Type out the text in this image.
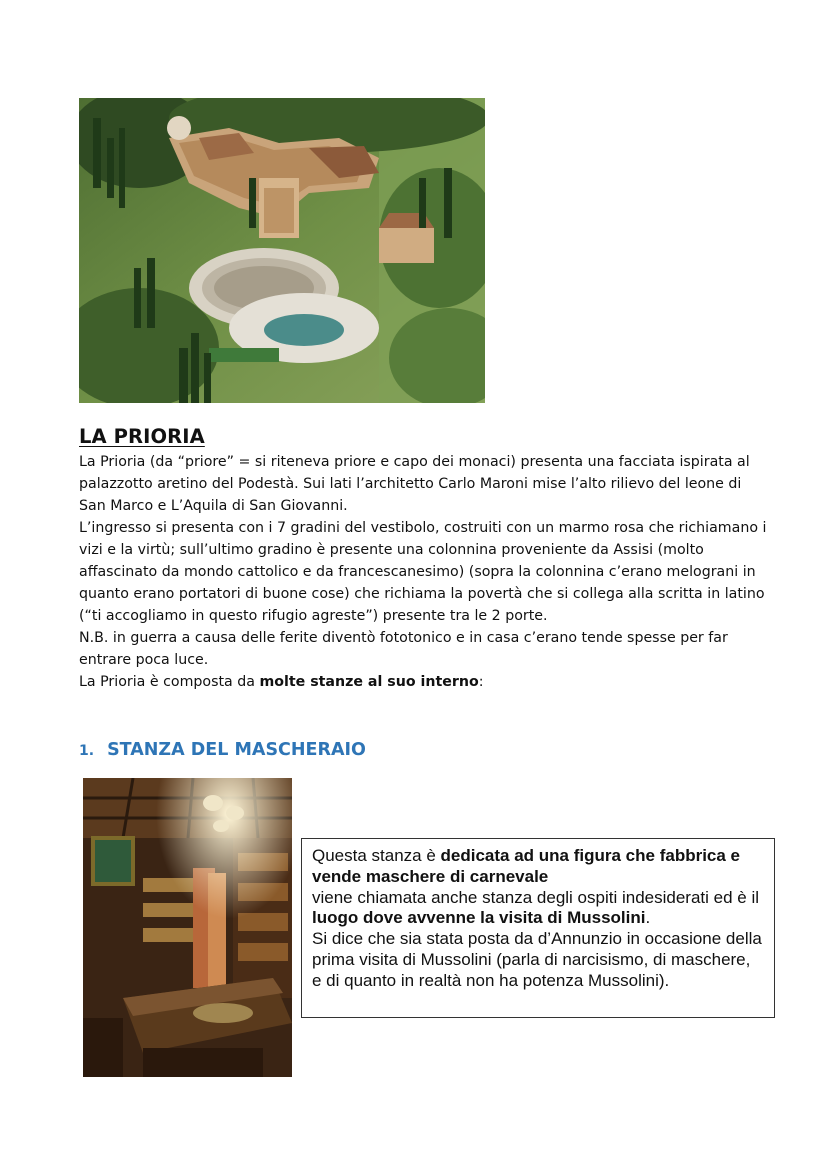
LA PRIORIA

La Prioria (da “priore” = si riteneva priore e capo dei monaci) presenta una facciata ispirata al palazzotto aretino del Podestà. Sui lati l’architetto Carlo Maroni mise l’alto rilievo del leone di San Marco e L’Aquila di San Giovanni.

L’ingresso si presenta con i 7 gradini del vestibolo, costruiti con un marmo rosa che richiamano i vizi e la virtù; sull’ultimo gradino è presente una colonnina proveniente da Assisi (molto affascinato da mondo cattolico e da francescanesimo) (sopra la colonnina c’erano melograni in quanto erano portatori di buone cose) che richiama la povertà che si collega alla scritta in latino (“ti accogliamo in questo rifugio agreste”) presente tra le 2 porte.

N.B. in guerra a causa delle ferite diventò fototonico e in casa c’erano tende spesse per far entrare poca luce.

La Prioria è composta da molte stanze al suo interno:

1. STANZA DEL MASCHERAIO

Questa stanza è dedicata ad una figura che fabbrica e vende maschere di carnevale

viene chiamata anche stanza degli ospiti indesiderati ed è il luogo dove avvenne la visita di Mussolini.

Si dice che sia stata posta da d’Annunzio in occasione della prima visita di Mussolini (parla di narcisismo, di maschere, e di quanto in realtà non ha potenza Mussolini).
